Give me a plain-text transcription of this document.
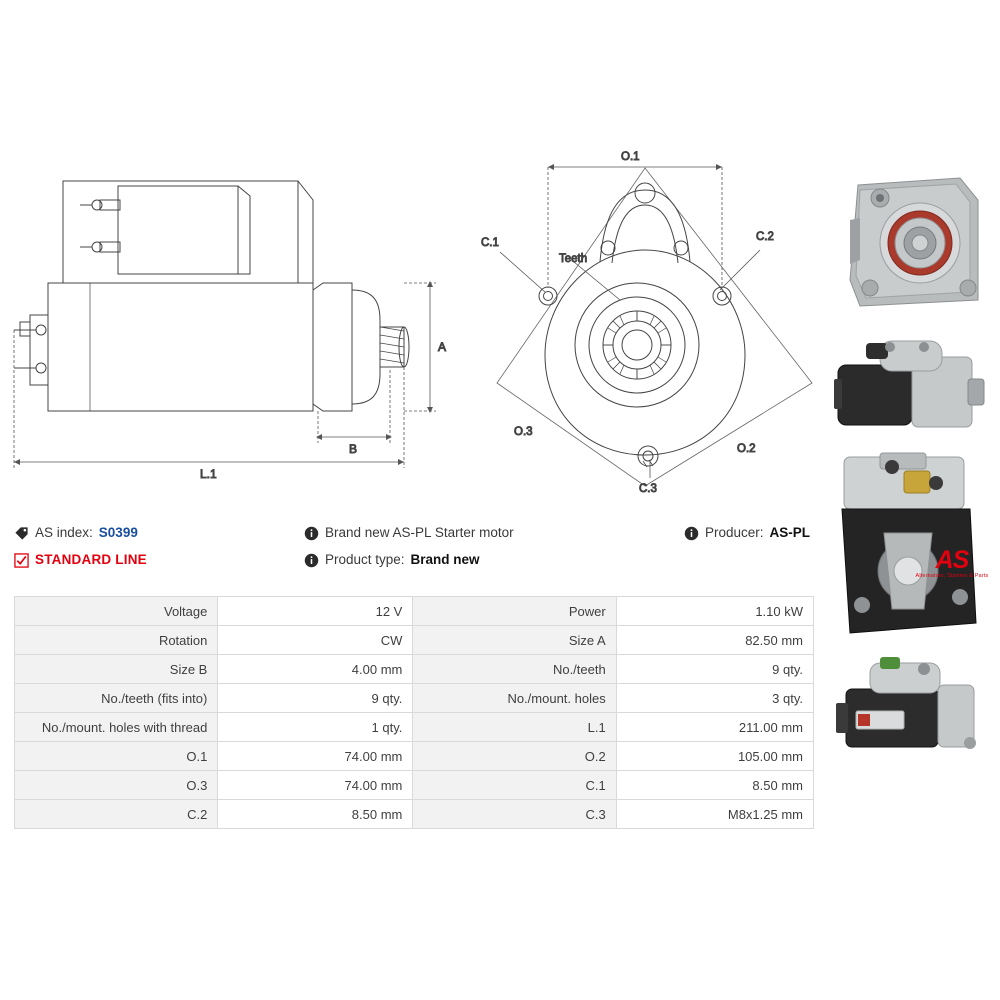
A
B
L.1
C.1	C.2
C.3
Teeth
O.3
O.2
O.1
AS index: S0399	Brand new AS-PL Starter motor	Producer: AS-PL
STANDARD LINE	Product type: Brand new	AS
Alternators, Starters & Parts
Voltage	12 V	Power	1.10 kW
Rotation	CW	Size A	82.50 mm
Size B	4.00 mm	No./teeth	9 qty.
No./teeth (fits into)	9 qty.	No./mount. holes	3 qty.
No./mount. holes with thread	1 qty.	L.1	211.00 mm
O.1	74.00 mm	O.2	105.00 mm
O.3	74.00 mm	C.1	8.50 mm
C.2	8.50 mm	C.3	M8x1.25 mm
